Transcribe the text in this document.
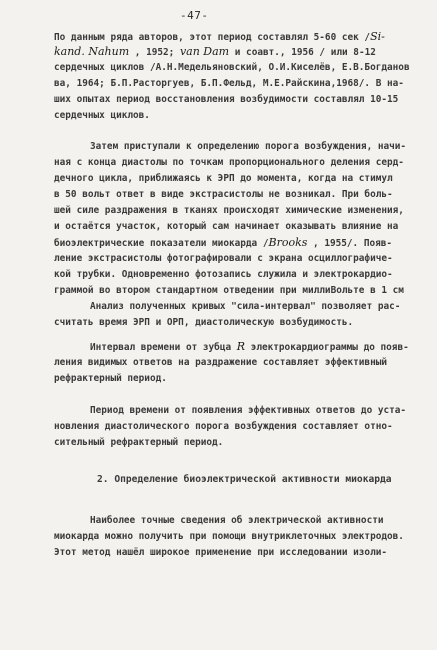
-47-
По данным ряда авторов, этот период составлял 5-60 сек /Si-
kand. Nahum , 1952; van Dam и соавт., 1956 / или 8-12
сердечных циклов /А.Н.Медельяновский, О.И.Киселёв, Е.В.Богданов
ва, 1964; Б.П.Расторгуев, Б.П.Фельд, М.Е.Райскина,1968/. В на-
ших опытах период восстановления возбудимости составлял 10-15
сердечных циклов.
Затем приступали к определению порога возбуждения, начи-
ная с конца диастолы по точкам пропорционального деления серд-
дечного цикла, приближаясь к ЭРП до момента, когда на стимул
в 50 вольт ответ в виде экстрасистолы не возникал. При боль-
шей силе раздражения в тканях происходят химические изменения,
и остаётся участок, который сам начинает оказывать влияние на
биоэлектрические показатели миокарда /Brooks , 1955/. Появ-
ление экстрасистолы фотографировали с экрана осциллографиче-
кой трубки. Одновременно фотозапись служила и электрокардио-
граммой во втором стандартном отведении при миллиВольте в 1 см
Анализ полученных кривых "сила-интервал" позволяет рас-
считать время ЭРП и ОРП, диастолическую возбудимость.
Интервал времени от зубца R электрокардиограммы до появ-
ления видимых ответов на раздражение составляет эффективный
рефрактерный период.
Период времени от появления эффективных ответов до уста-
новления диастолического порога возбуждения составляет отно-
сительный рефрактерный период.
2. Определение биоэлектрической активности миокарда
Наиболее точные сведения об электрической активности
миокарда можно получить при помощи внутриклеточных электродов.
Этот метод нашёл широкое применение при исследовании изоли-
